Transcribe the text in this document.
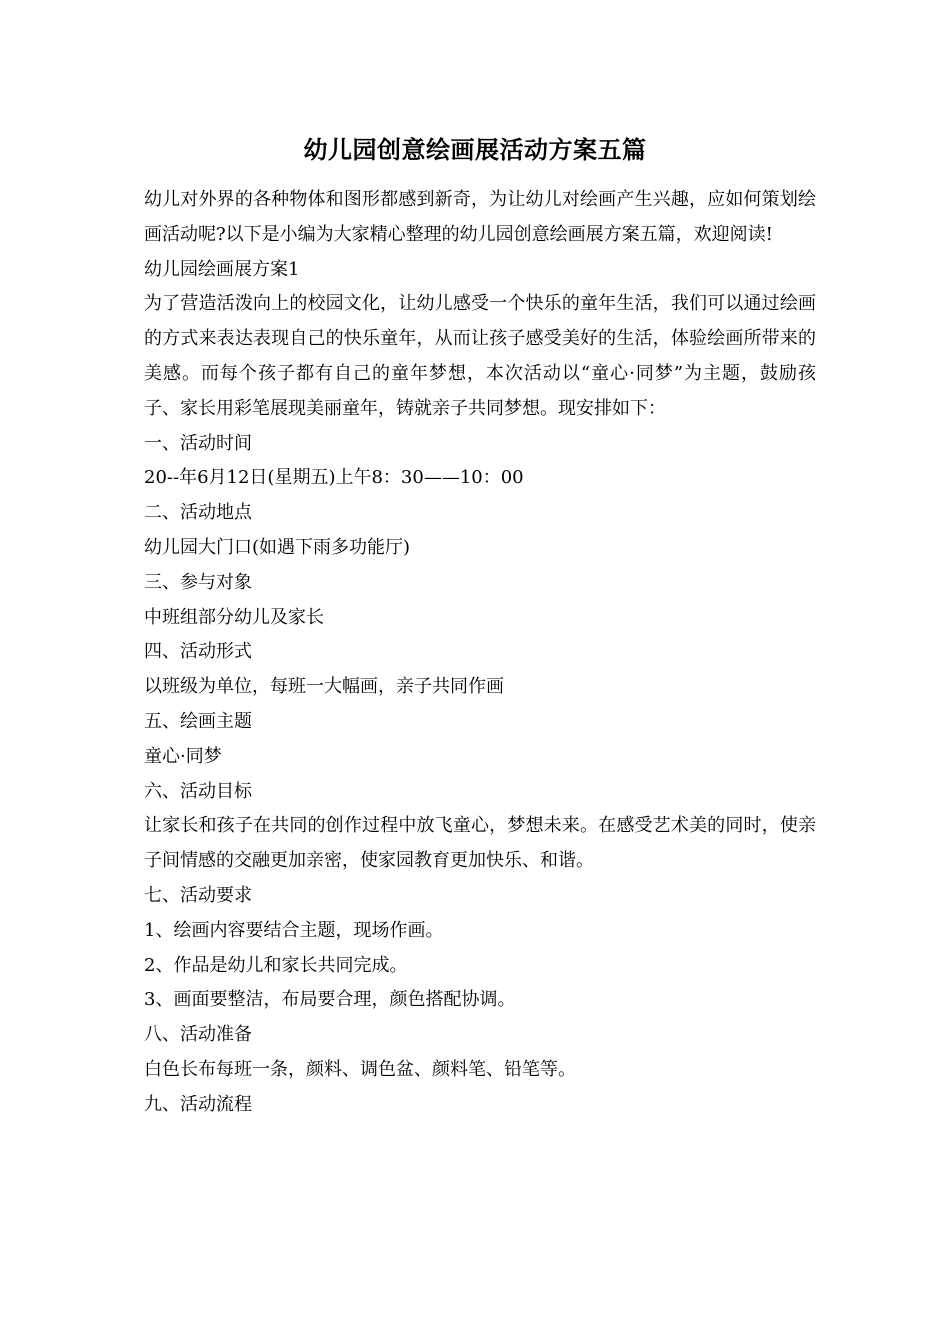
幼儿园创意绘画展活动方案五篇

幼儿对外界的各种物体和图形都感到新奇，为让幼儿对绘画产生兴趣，应如何策划绘画活动呢?以下是小编为大家精心整理的幼儿园创意绘画展方案五篇，欢迎阅读!

幼儿园绘画展方案1

为了营造活泼向上的校园文化，让幼儿感受一个快乐的童年生活，我们可以通过绘画的方式来表达表现自己的快乐童年，从而让孩子感受美好的生活，体验绘画所带来的美感。而每个孩子都有自己的童年梦想，本次活动以“童心·同梦”为主题，鼓励孩子、家长用彩笔展现美丽童年，铸就亲子共同梦想。现安排如下：

一、活动时间

20--年6月12日(星期五)上午8：30——10：00

二、活动地点

幼儿园大门口(如遇下雨多功能厅)

三、参与对象

中班组部分幼儿及家长

四、活动形式

以班级为单位，每班一大幅画，亲子共同作画

五、绘画主题

童心·同梦

六、活动目标

让家长和孩子在共同的创作过程中放飞童心，梦想未来。在感受艺术美的同时，使亲子间情感的交融更加亲密，使家园教育更加快乐、和谐。

七、活动要求

1、绘画内容要结合主题，现场作画。

2、作品是幼儿和家长共同完成。

3、画面要整洁，布局要合理，颜色搭配协调。

八、活动准备

白色长布每班一条，颜料、调色盆、颜料笔、铅笔等。

九、活动流程
